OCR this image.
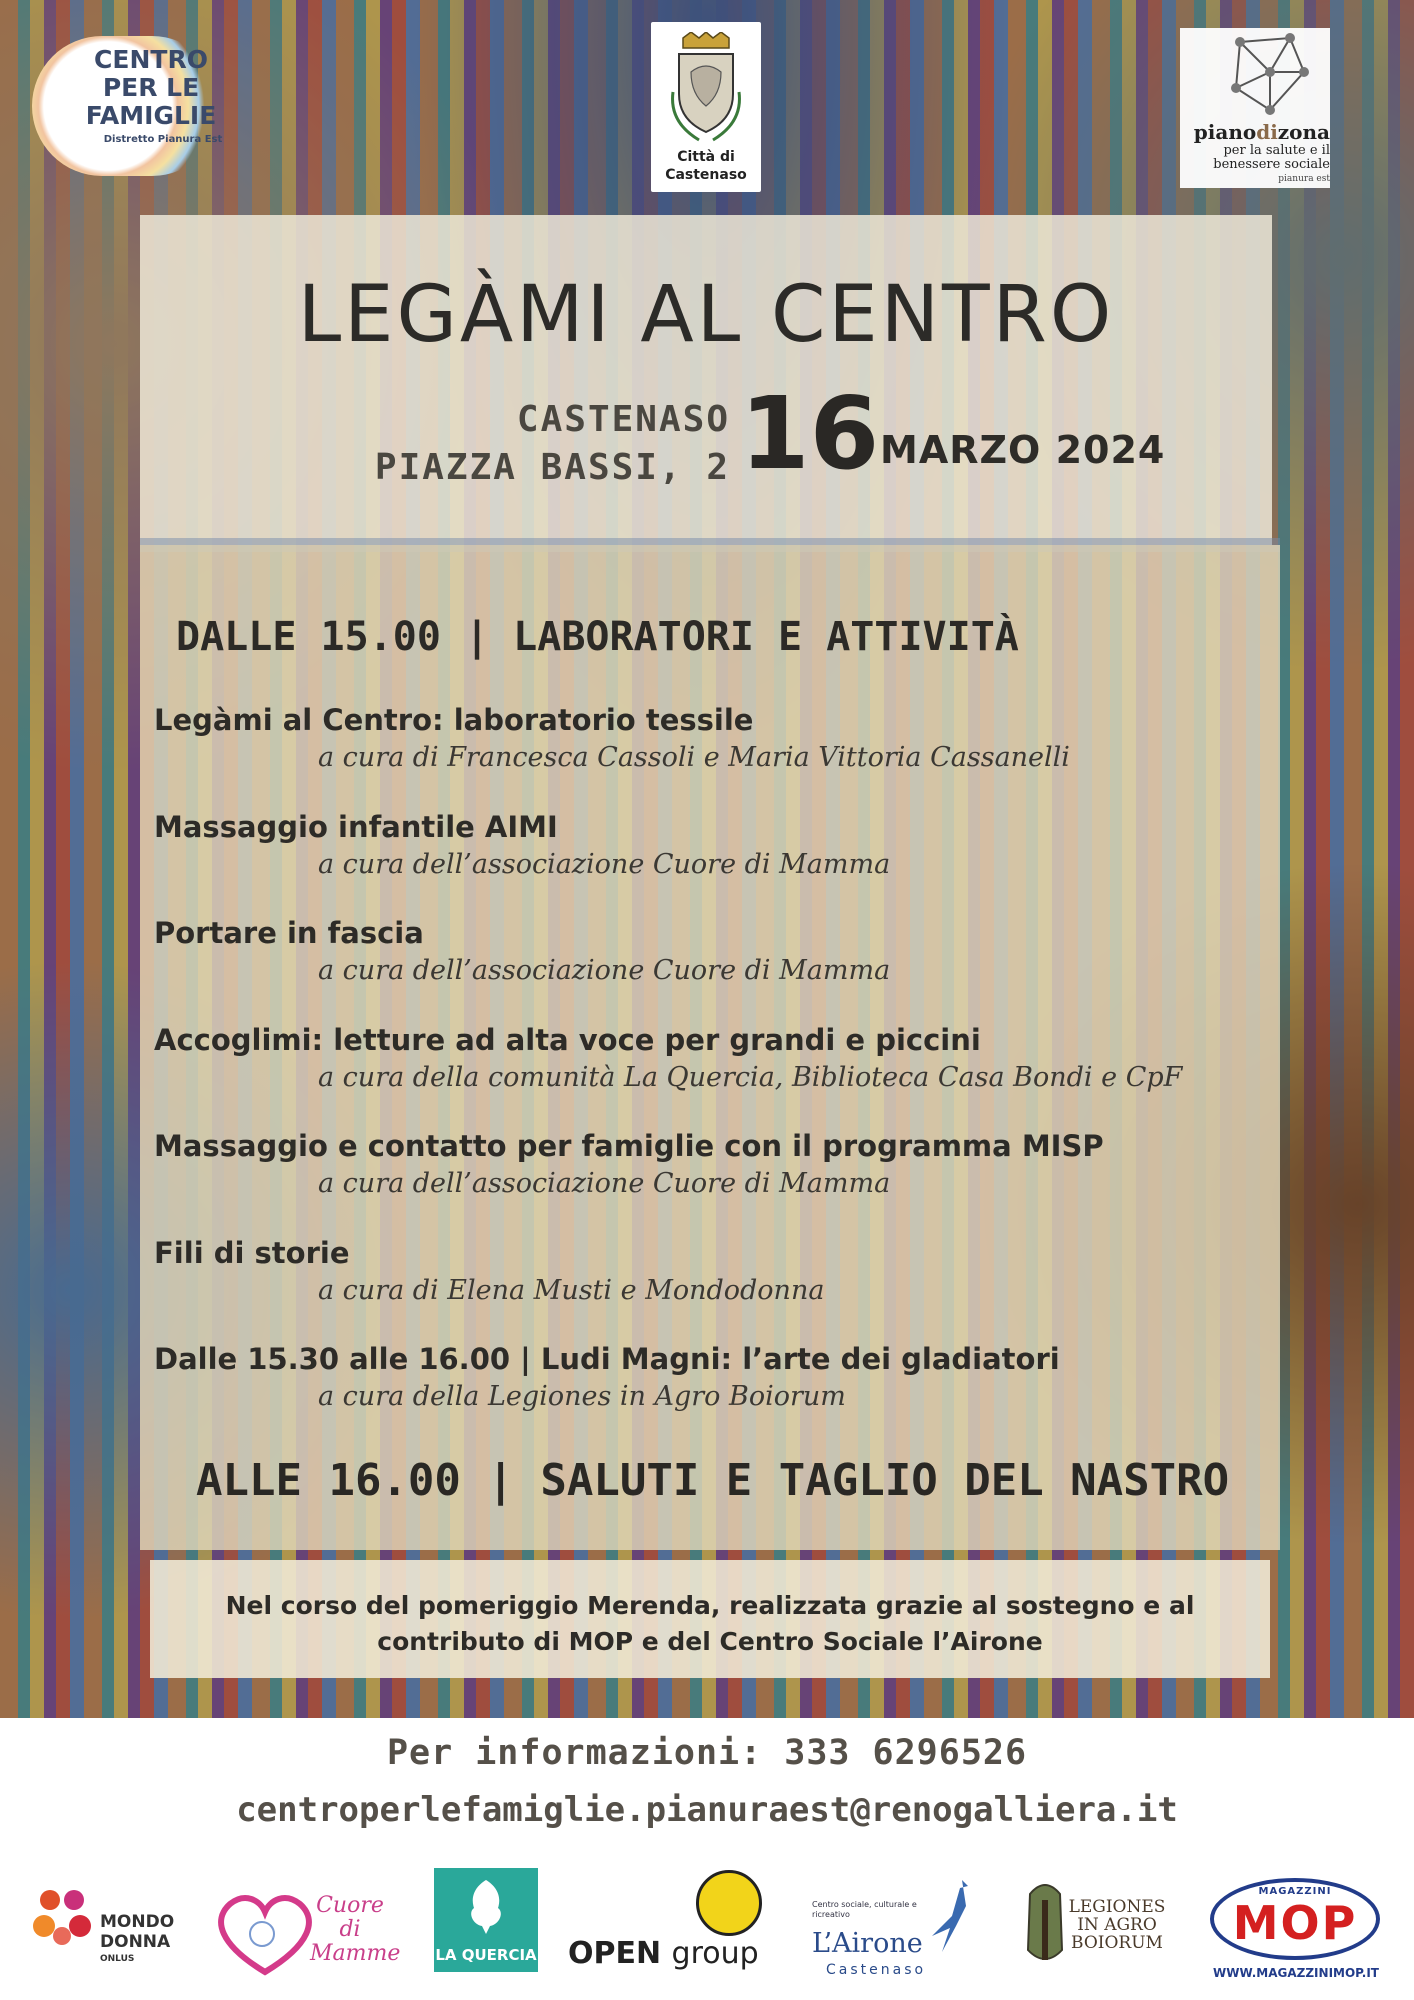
CENTRO PER LE FAMIGLIE
Distretto Pianura Est
Città di Castenaso
pianodizona
per la salute e il benessere sociale
pianura est
LEGÀMI AL CENTRO
CASTENASO
PIAZZA BASSI, 2 16 MARZO 2024
DALLE 15.00 | LABORATORI E ATTIVITÀ
Legàmi al Centro: laboratorio tessile
a cura di Francesca Cassoli e Maria Vittoria Cassanelli
Massaggio infantile AIMI
a cura dell’associazione Cuore di Mamma
Portare in fascia
a cura dell’associazione Cuore di Mamma
Accoglimi: letture ad alta voce per grandi e piccini
a cura della comunità La Quercia, Biblioteca Casa Bondi e CpF
Massaggio e contatto per famiglie con il programma MISP
a cura dell’associazione Cuore di Mamma
Fili di storie
a cura di Elena Musti e Mondodonna
Dalle 15.30 alle 16.00 | Ludi Magni: l’arte dei gladiatori
a cura della Legiones in Agro Boiorum
ALLE 16.00 | SALUTI E TAGLIO DEL NASTRO
Nel corso del pomeriggio Merenda, realizzata grazie al sostegno e al
contributo di MOP e del Centro Sociale l’Airone
Per informazioni: 333 6296526
centroperlefamiglie.pianuraest@renogalliera.it
MONDO
DONNA
ONLUS
Cuore
di
Mamme LA QUERCIA OPEN group
Centro sociale, culturale e ricreativo
L’Airone
Castenaso
LEGIONES
IN AGRO
BOIORUM
MAGAZZINI
MOP
WWW.MAGAZZINIMOP.IT
